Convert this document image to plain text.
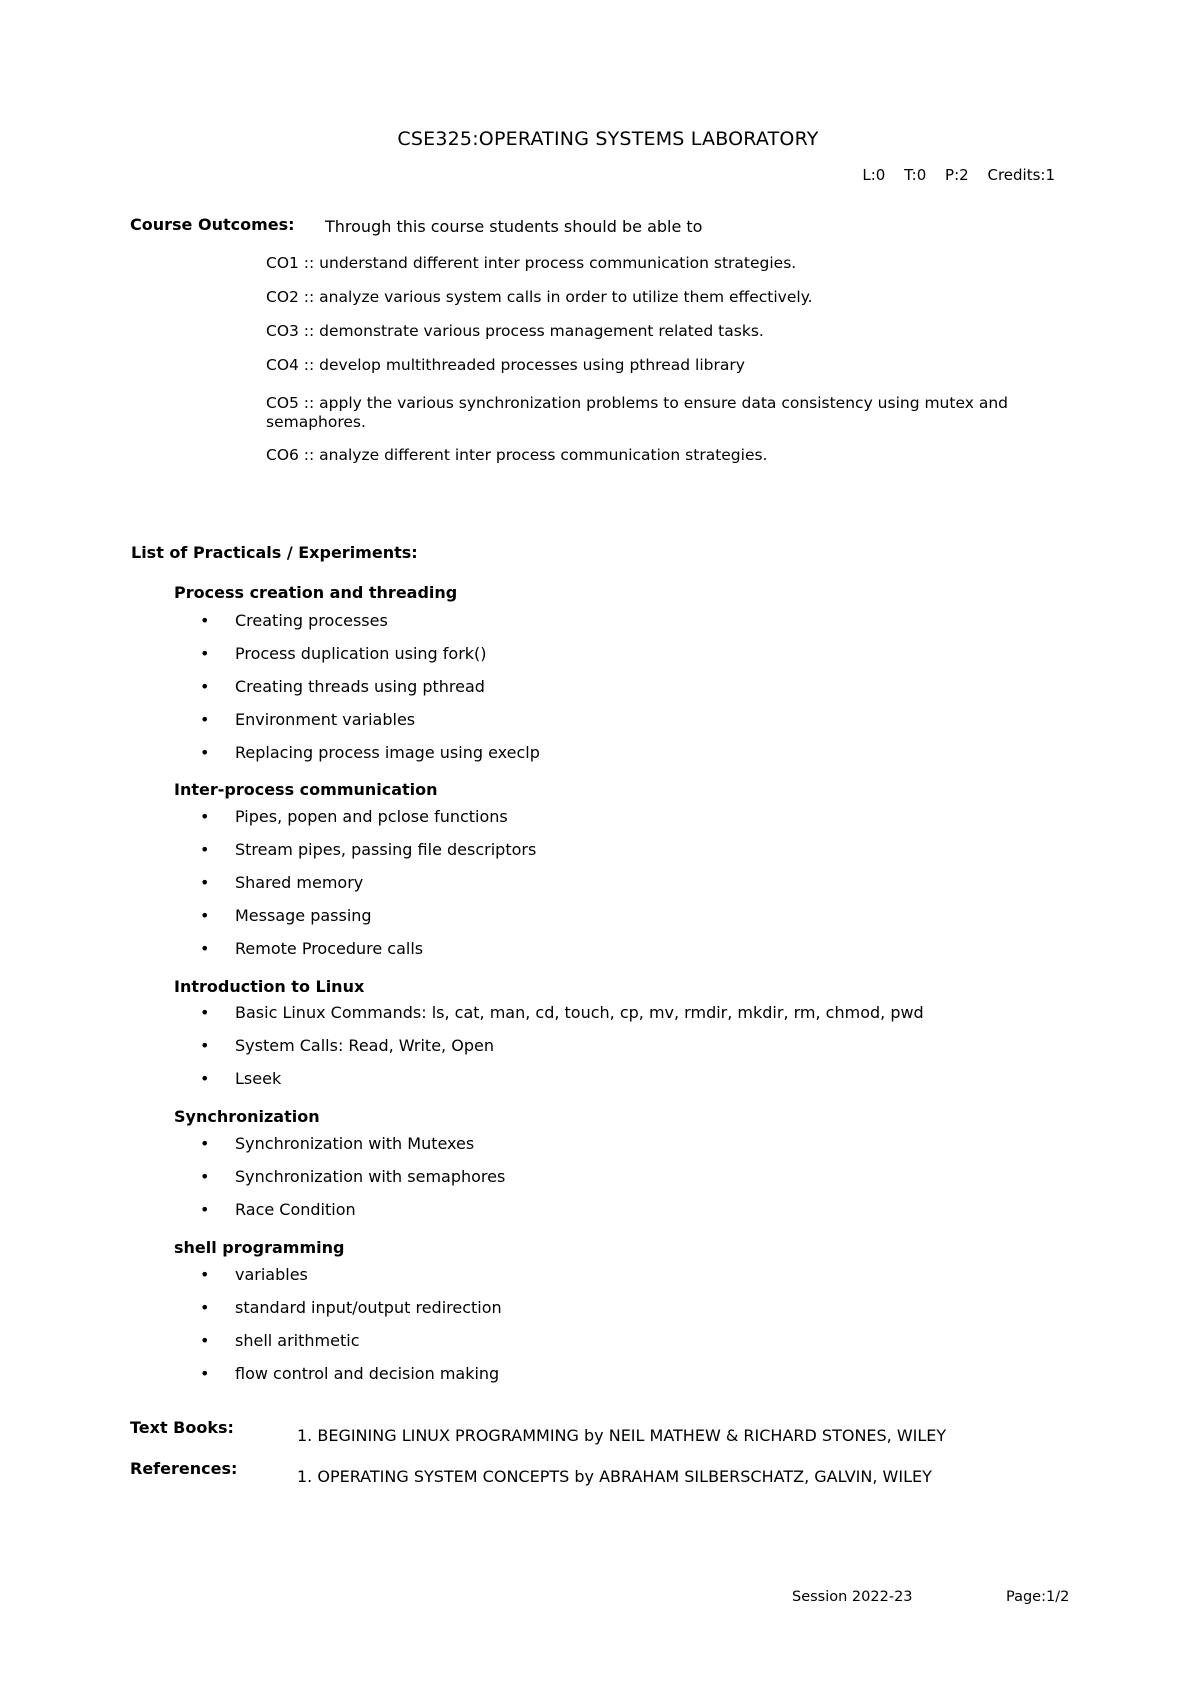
CSE325:OPERATING SYSTEMS LABORATORY
L:0 T:0 P:2 Credits:1
Course Outcomes: Through this course students should be able to
CO1 :: understand different inter process communication strategies.
CO2 :: analyze various system calls in order to utilize them effectively.
CO3 :: demonstrate various process management related tasks.
CO4 :: develop multithreaded processes using pthread library
CO5 :: apply the various synchronization problems to ensure data consistency using mutex and semaphores.
CO6 :: analyze different inter process communication strategies.
List of Practicals / Experiments:
Process creation and threading
• Creating processes
• Process duplication using fork()
• Creating threads using pthread
• Environment variables
• Replacing process image using execlp
Inter-process communication
• Pipes, popen and pclose functions
• Stream pipes, passing file descriptors
• Shared memory
• Message passing
• Remote Procedure calls
Introduction to Linux
• Basic Linux Commands: ls, cat, man, cd, touch, cp, mv, rmdir, mkdir, rm, chmod, pwd
• System Calls: Read, Write, Open
• Lseek
Synchronization
• Synchronization with Mutexes
• Synchronization with semaphores
• Race Condition
shell programming
• variables
• standard input/output redirection
• shell arithmetic
• flow control and decision making
Text Books:	1. BEGINING LINUX PROGRAMMING by NEIL MATHEW & RICHARD STONES, WILEY
References:	1. OPERATING SYSTEM CONCEPTS by ABRAHAM SILBERSCHATZ, GALVIN, WILEY
Session 2022-23	Page:1/2
